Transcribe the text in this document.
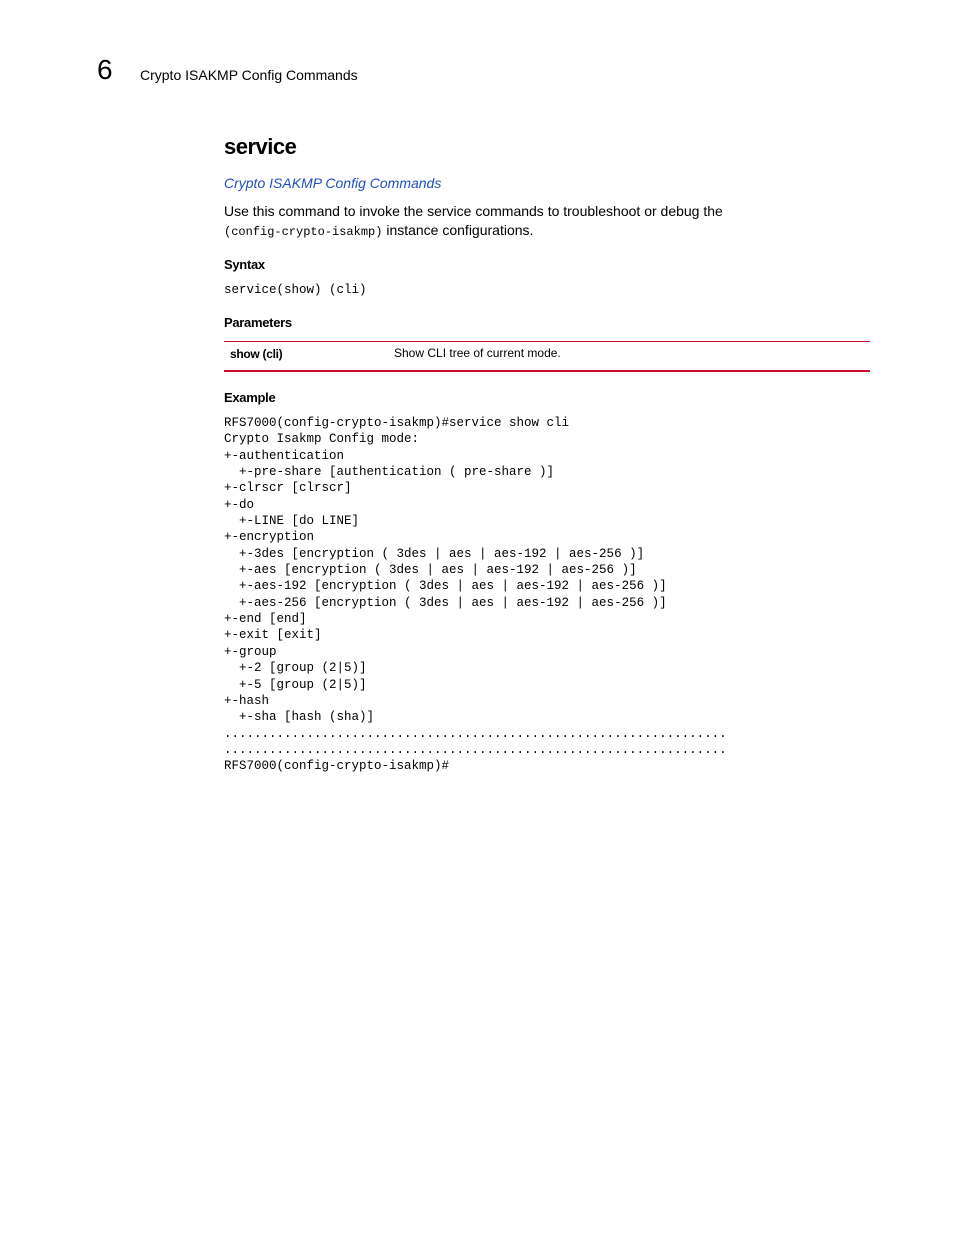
6 Crypto ISAKMP Config Commands
service
Crypto ISAKMP Config Commands
Use this command to invoke the service commands to troubleshoot or debug the
(config-crypto-isakmp) instance configurations.
Syntax
service(show) (cli)
Parameters
show (cli)	Show CLI tree of current mode.
Example
RFS7000(config-crypto-isakmp)#service show cli
Crypto Isakmp Config mode:
+-authentication
+-pre-share [authentication ( pre-share )]
+-clrscr [clrscr]
+-do
+-LINE [do LINE]
+-encryption
+-3des [encryption ( 3des | aes | aes-192 | aes-256 )]
+-aes [encryption ( 3des | aes | aes-192 | aes-256 )]
+-aes-192 [encryption ( 3des | aes | aes-192 | aes-256 )]
+-aes-256 [encryption ( 3des | aes | aes-192 | aes-256 )]
+-end [end]
+-exit [exit]
+-group
+-2 [group (2|5)]
+-5 [group (2|5)]
+-hash
+-sha [hash (sha)]
...................................................................
...................................................................
RFS7000(config-crypto-isakmp)#
